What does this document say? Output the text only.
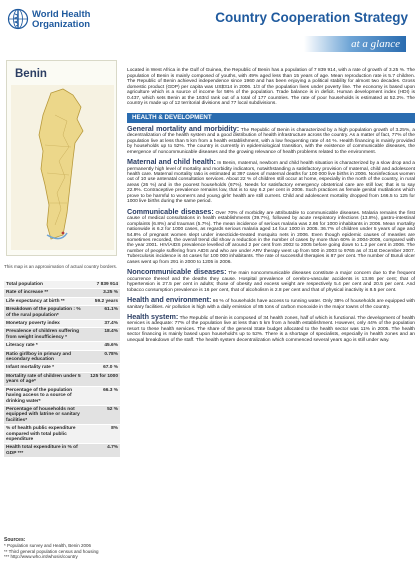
World Health
Organization	Country Cooperation Strategy
at a glance
Benin
This map is an approximation of actual country borders.
Total population	7 839 914
Rate of increase **	3.25 %
Life expectancy at birth **	59.2 years
Breakdown of the population : % of the rural population*	61.1%
Monetary poverty index	37.4%
Prevalence of children suffering from weight insufficiency *	18.4%
Literacy rate *	45.6%
Ratio girl/boy in primary and secondary education	0.78%
Infant mortality rate *	67.0 %
Mortality rate of children under 5 years of age*	125 for 1000
Percentage of the population having access to a source of drinking water*	66.3 %
Percentage of households not equipped with latrine or sanitary facilities*	52 %
% of health public expenditure compared with total public expenditure	8%
Health total expenditure in % of GDP ***	4.7%
Sources:
* Population survey and Health, Benin 2006
** Third general population census and housing
*** http://www.who.int/whosis/country

Located in West Africa in the Gulf of Guinea, the Republic of Benin has a population of 7 839 914, with a rate of growth of 3.25 %. The population of Benin is mainly composed of youths, with 49% aged less than 15 years of age. Mean reproduction rate is 5.7 children. The Republic of Benin achieved independence since 1960 and has been enjoying a political stability for almost two decades. Gross domestic product (GDP) per capita was US$314 in 2006. 1/3 of the population lives under poverty line. The economy is based upon agriculture which is a source of income for 56% of the population. Trade balance is in deficit. Human development index (HDI) is 0.437, which sets Benin at the 163rd rank out of a total of 177 countries. The rate of poor households is estimated at 52.2%. The country is made up of 12 territorial divisions and 77 local subdivisions.

HEALTH & DEVELOPMENT

General mortality and morbidity: The Republic of Benin is characterized by a high population growth of 3.25%, a decentralization of the health system and a good distribution of health infrastructure across the country. As a matter of fact, 77% of the population live at less than 5 km from a health establishment, with a low frequenting rate of 44 %. Health financing is mainly provided by households up to 52%. The country is currently in epidemiological transition, with the existence of communicable diseases, the emergence of noncommunicable diseases and the growing relevance of health problems related to the environment.

Maternal and child health: In Benin, maternal, newborn and child health situation is characterized by a slow drop and a permanently high level of mortality and morbidity indicators, notwithstanding a satisfactory provision of maternal, child and adolescent health care. Maternal mortality ratio is estimated at 397 cases of maternal deaths for 100 000 live births in 2006. Noninfectious women out of 10 use antenatal consultation services. About 22 % of children still occur at home, especially in the north of the country, in rural areas (26 %) and in the poorest households (67%). Needs for satisfactory emergency obstetrical care are still low; that is to say 22.9%. Contraceptive prevalence remains low, that is to say 6.2 per cent in 2006. Such practices as female genital mutilations which prove to be harmful to women's and young girls' health are still current. Child and adolescent mortality dropped from 166.5 to 125 for 1000 live births during the same period.

Communicable diseases: Over 70% of morbidity are attributable to communicable diseases. Malaria remains the first cause of medical consultations in health establishments (39.7%), followed by acute respiratory infections (13.8%), gastro-intestinal complaints (6.8%) and traumas (5.7%). The mean incidence of serious malaria was 2.66 for 1000 inhabitants in 2006. Mean mortality nationwide is 6.2 for 1000 cases, as regards serious malaria aged 14 four 1000 in 2005. 36.7% of children under 5 years of age and 54.8% of pregnant women slept under insecticide-treated mosquito nets in 2006. Even though epidemic causes of measles are sometimes recorded, the overall trend did show a reduction in the number of cases by more than 60% in 2004-2008, compared with the year 2001. HIV/AIDS prevalence levelled off around 2 per cent from 2002 to 2005 before going down to 1.2 per cent in 2006. The number of people suffering from AIDS and who are under ARV therapy went up from 500 in 2003 to 9765 as of 31st December 2007. Tuberculosis incidence is 44 cases for 100 000 inhabitants. The rate of successful therapies is 87 per cent. The number of Buruli ulcer cases went up from 291 in 2000 to 1205 in 2006.

Noncommunicable diseases: The main noncommunicable diseases constitute a major concern due to the frequent occurrence thereof and the deaths they cause. Hospital prevalence of cerebro-vascular accidents is 13.86 per cent; that of hypertension is 27.5 per cent in adults; those of obesity and excess weight are respectively 5.4 per cent and 20.5 per cent. And tobacco consumption prevalence is 16 per cent, that of alcoholism is 2.8 per cent and that of physical inactivity is 8.5 per cent.

Health and environment: 66 % of households have access to running water. Only 38% of households are equipped with sanitary facilities. Air pollution is high with a daily emission of 85 tons of carbon monoxide in the major towns of the country.

Health system: The Republic of Benin is composed of 34 health zones, half of which is functional. The development of health services is adequate: 77% of the population live at less than 5 km from a health establishment. However, only 44% of the population resort to these health services. The share of the general State budget allocated to the health sector was 11% in 2005. The health sector financing is mainly based upon household's up to 52%. There is a shortage of specialists, especially in health zones and an unequal breakdown of the staff. The health system decentralization which commenced several years ago is still under way.
